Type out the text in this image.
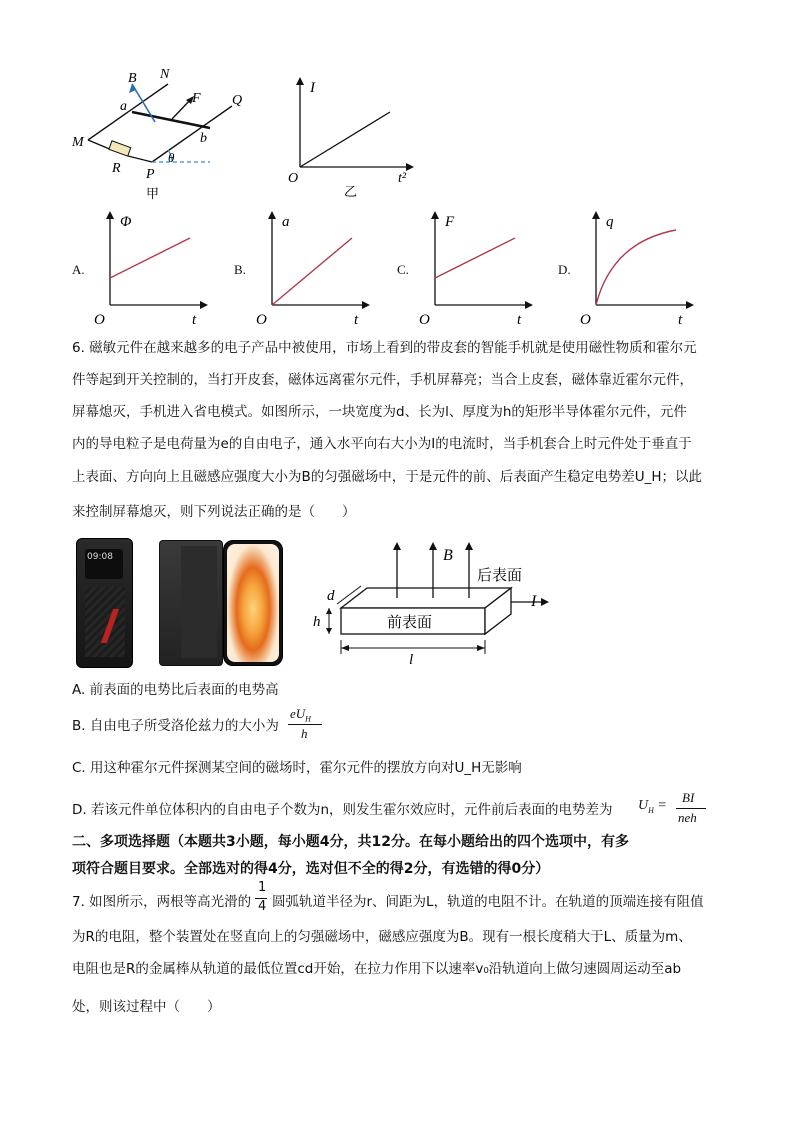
B N
a
F Q
M	b
R P
θ
甲
I
O	t²
乙
A.
Φ
O	t
B.
a
O	t
C.
F
O	t
D.
q
O	t
6. 磁敏元件在越来越多的电子产品中被使用，市场上看到的带皮套的智能手机就是使用磁性物质和霍尔元
件等起到开关控制的，当打开皮套，磁体远离霍尔元件，手机屏幕亮；当合上皮套，磁体靠近霍尔元件，
屏幕熄灭，手机进入省电模式。如图所示，一块宽度为d、长为l、厚度为h的矩形半导体霍尔元件，元件
内的导电粒子是电荷量为e的自由电子，通入水平向右大小为I的电流时，当手机套合上时元件处于垂直于
上表面、方向向上且磁感应强度大小为B的匀强磁场中，于是元件的前、后表面产生稳定电势差U_H；以此
来控制屏幕熄灭，则下列说法正确的是（　　）
09:08	B
后表面
前表面
d
h
l
I
A. 前表面的电势比后表面的电势高
B. 自由电子所受洛伦兹力的大小为
$eU_H$
h
C. 用这种霍尔元件探测某空间的磁场时，霍尔元件的摆放方向对U_H无影响
D. 若该元件单位体积内的自由电子个数为n，则发生霍尔效应时，元件前后表面的电势差为 $U_H$ =
BI
neh
二、多项选择题（本题共3小题，每小题4分，共12分。在每小题给出的四个选项中，有多
项符合题目要求。全部选对的得4分，选对但不全的得2分，有选错的得0分）
7. 如图所示，两根等高光滑的
1
4 圆弧轨道半径为r、间距为L，轨道的电阻不计。在轨道的顶端连接有阻值
为R的电阻，整个装置处在竖直向上的匀强磁场中，磁感应强度为B。现有一根长度稍大于L、质量为m、
电阻也是R的金属棒从轨道的最低位置cd开始，在拉力作用下以速率v₀沿轨道向上做匀速圆周运动至ab
处，则该过程中（　　）
